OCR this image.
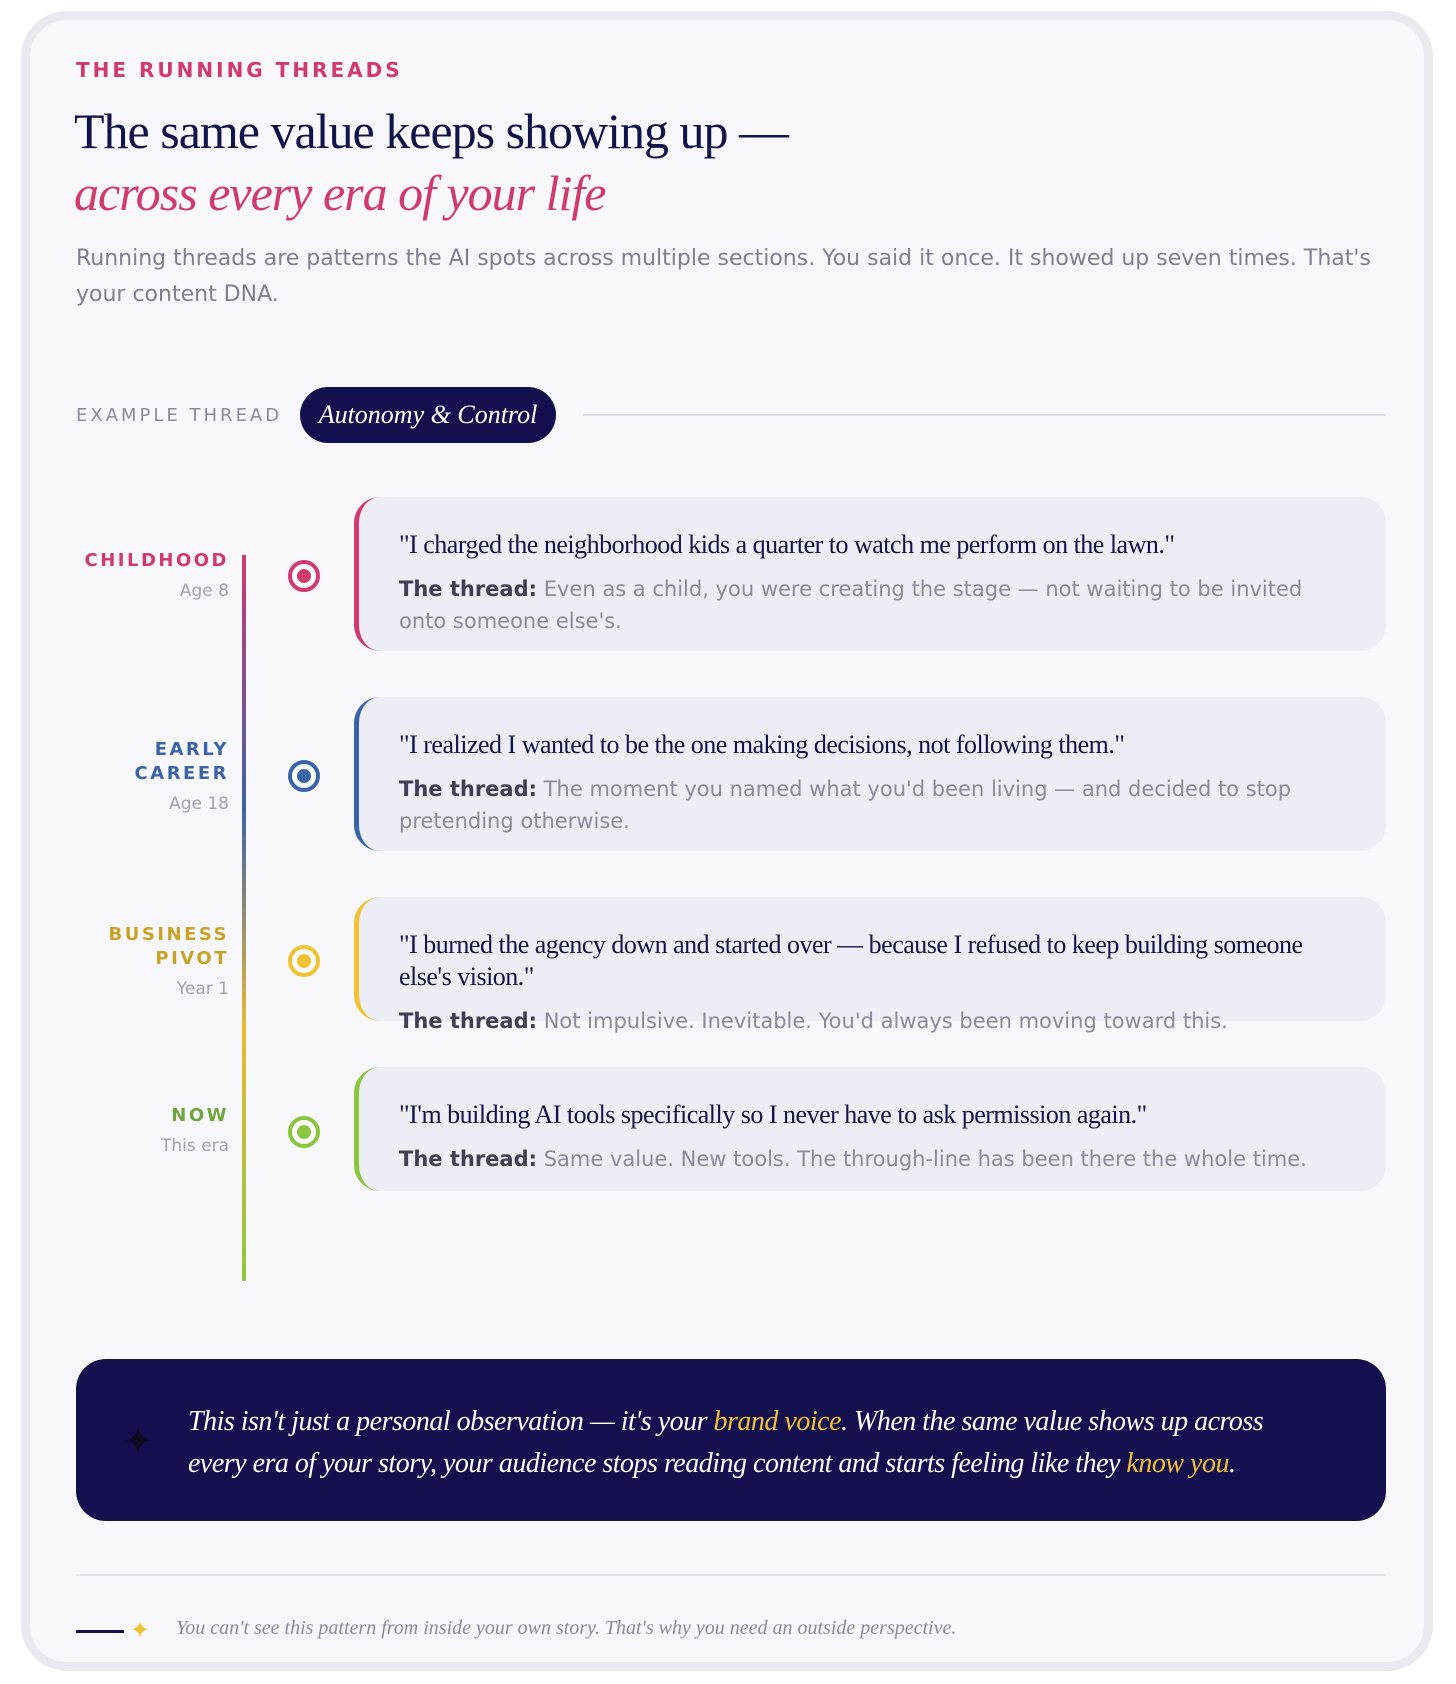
THE RUNNING THREADS
The same value keeps showing up —
across every era of your life
Running threads are patterns the AI spots across multiple sections. You said it once. It showed up seven times. That's your content DNA.
EXAMPLE THREAD	Autonomy & Control
CHILDHOOD
Age 8
"I charged the neighborhood kids a quarter to watch me perform on the lawn."
The thread: Even as a child, you were creating the stage — not waiting to be invited onto someone else's.
EARLY
CAREER
Age 18
"I realized I wanted to be the one making decisions, not following them."
The thread: The moment you named what you'd been living — and decided to stop pretending otherwise.
BUSINESS
PIVOT
Year 1
"I burned the agency down and started over — because I refused to keep building someone else's vision."
The thread: Not impulsive. Inevitable. You'd always been moving toward this.
NOW
This era
"I'm building AI tools specifically so I never have to ask permission again."
The thread: Same value. New tools. The through-line has been there the whole time.
✦ This isn't just a personal observation — it's your brand voice. When the same value shows up across every era of your story, your audience stops reading content and starts feeling like they know you.
✦ You can't see this pattern from inside your own story. That's why you need an outside perspective.
